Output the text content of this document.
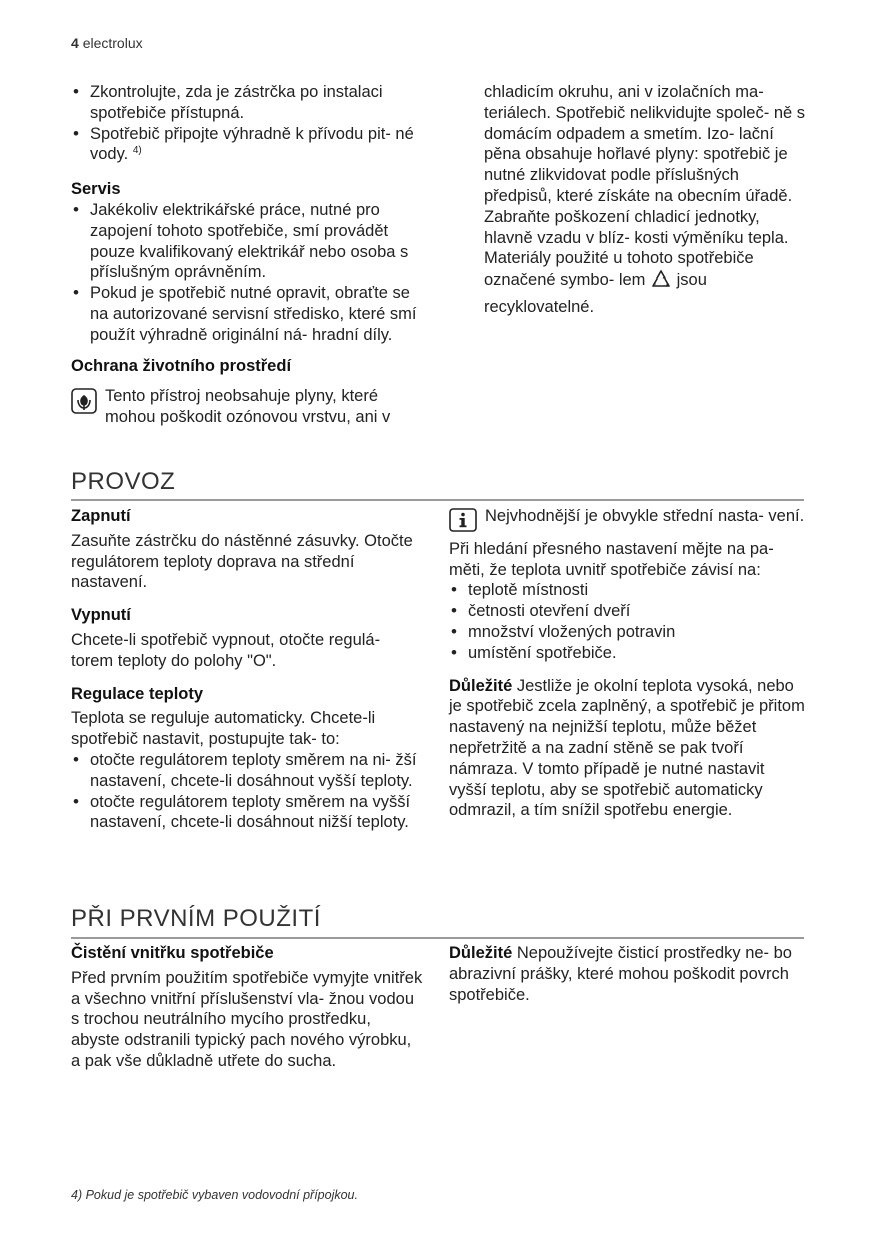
4 electrolux
• Zkontrolujte, zda je zástrčka po instalaci spotřebiče přístupná.
• Spotřebič připojte výhradně k přívodu pit- né vody. $^{4)}$
Servis
• Jakékoliv elektrikářské práce, nutné pro zapojení tohoto spotřebiče, smí provádět pouze kvalifikovaný elektrikář nebo osoba s příslušným oprávněním.
• Pokud je spotřebič nutné opravit, obraťte se na autorizované servisní středisko, které smí použít výhradně originální ná- hradní díly.
Ochrana životního prostředí

Tento přístroj neobsahuje plyny, které mohou poškodit ozónovou vrstvu, ani v

chladicím okruhu, ani v izolačních ma- teriálech. Spotřebič nelikvidujte společ- ně s domácím odpadem a smetím. Izo- lační pěna obsahuje hořlavé plyny: spotřebič je nutné zlikvidovat podle příslušných předpisů, které získáte na obecním úřadě. Zabraňte poškození chladicí jednotky, hlavně vzadu v blíz- kosti výměníku tepla. Materiály použité u tohoto spotřebiče označené symbo- lem jsou recyklovatelné.

PROVOZ
Zapnutí

Zasuňte zástrčku do nástěnné zásuvky. Otočte regulátorem teploty doprava na střední nastavení.

Vypnutí

Chcete-li spotřebič vypnout, otočte regulá- torem teploty do polohy "O".

Regulace teploty

Teplota se reguluje automaticky. Chcete-li spotřebič nastavit, postupujte tak- to:

• otočte regulátorem teploty směrem na ni- žší nastavení, chcete-li dosáhnout vyšší teploty.
• otočte regulátorem teploty směrem na vyšší nastavení, chcete-li dosáhnout nižší teploty.

Nejvhodnější je obvykle střední nasta- vení.

Při hledání přesného nastavení mějte na pa- měti, že teplota uvnitř spotřebiče závisí na:

• teplotě místnosti
• četnosti otevření dveří
• množství vložených potravin
• umístění spotřebiče.

Důležité Jestliže je okolní teplota vysoká, nebo je spotřebič zcela zaplněný, a spotřebič je přitom nastavený na nejnižší teplotu, může běžet nepřetržitě a na zadní stěně se pak tvoří námraza. V tomto případě je nutné nastavit vyšší teplotu, aby se spotřebič automaticky odmrazil, a tím snížil spotřebu energie.

PŘI PRVNÍM POUŽITÍ
Čistění vnitřku spotřebiče

Před prvním použitím spotřebiče vymyjte vnitřek a všechno vnitřní příslušenství vla- žnou vodou s trochou neutrálního mycího prostředku, abyste odstranili typický pach nového výrobku, a pak vše důkladně utřete do sucha.

Důležité Nepoužívejte čisticí prostředky ne- bo abrazivní prášky, které mohou poškodit povrch spotřebiče.

4) Pokud je spotřebič vybaven vodovodní přípojkou.
